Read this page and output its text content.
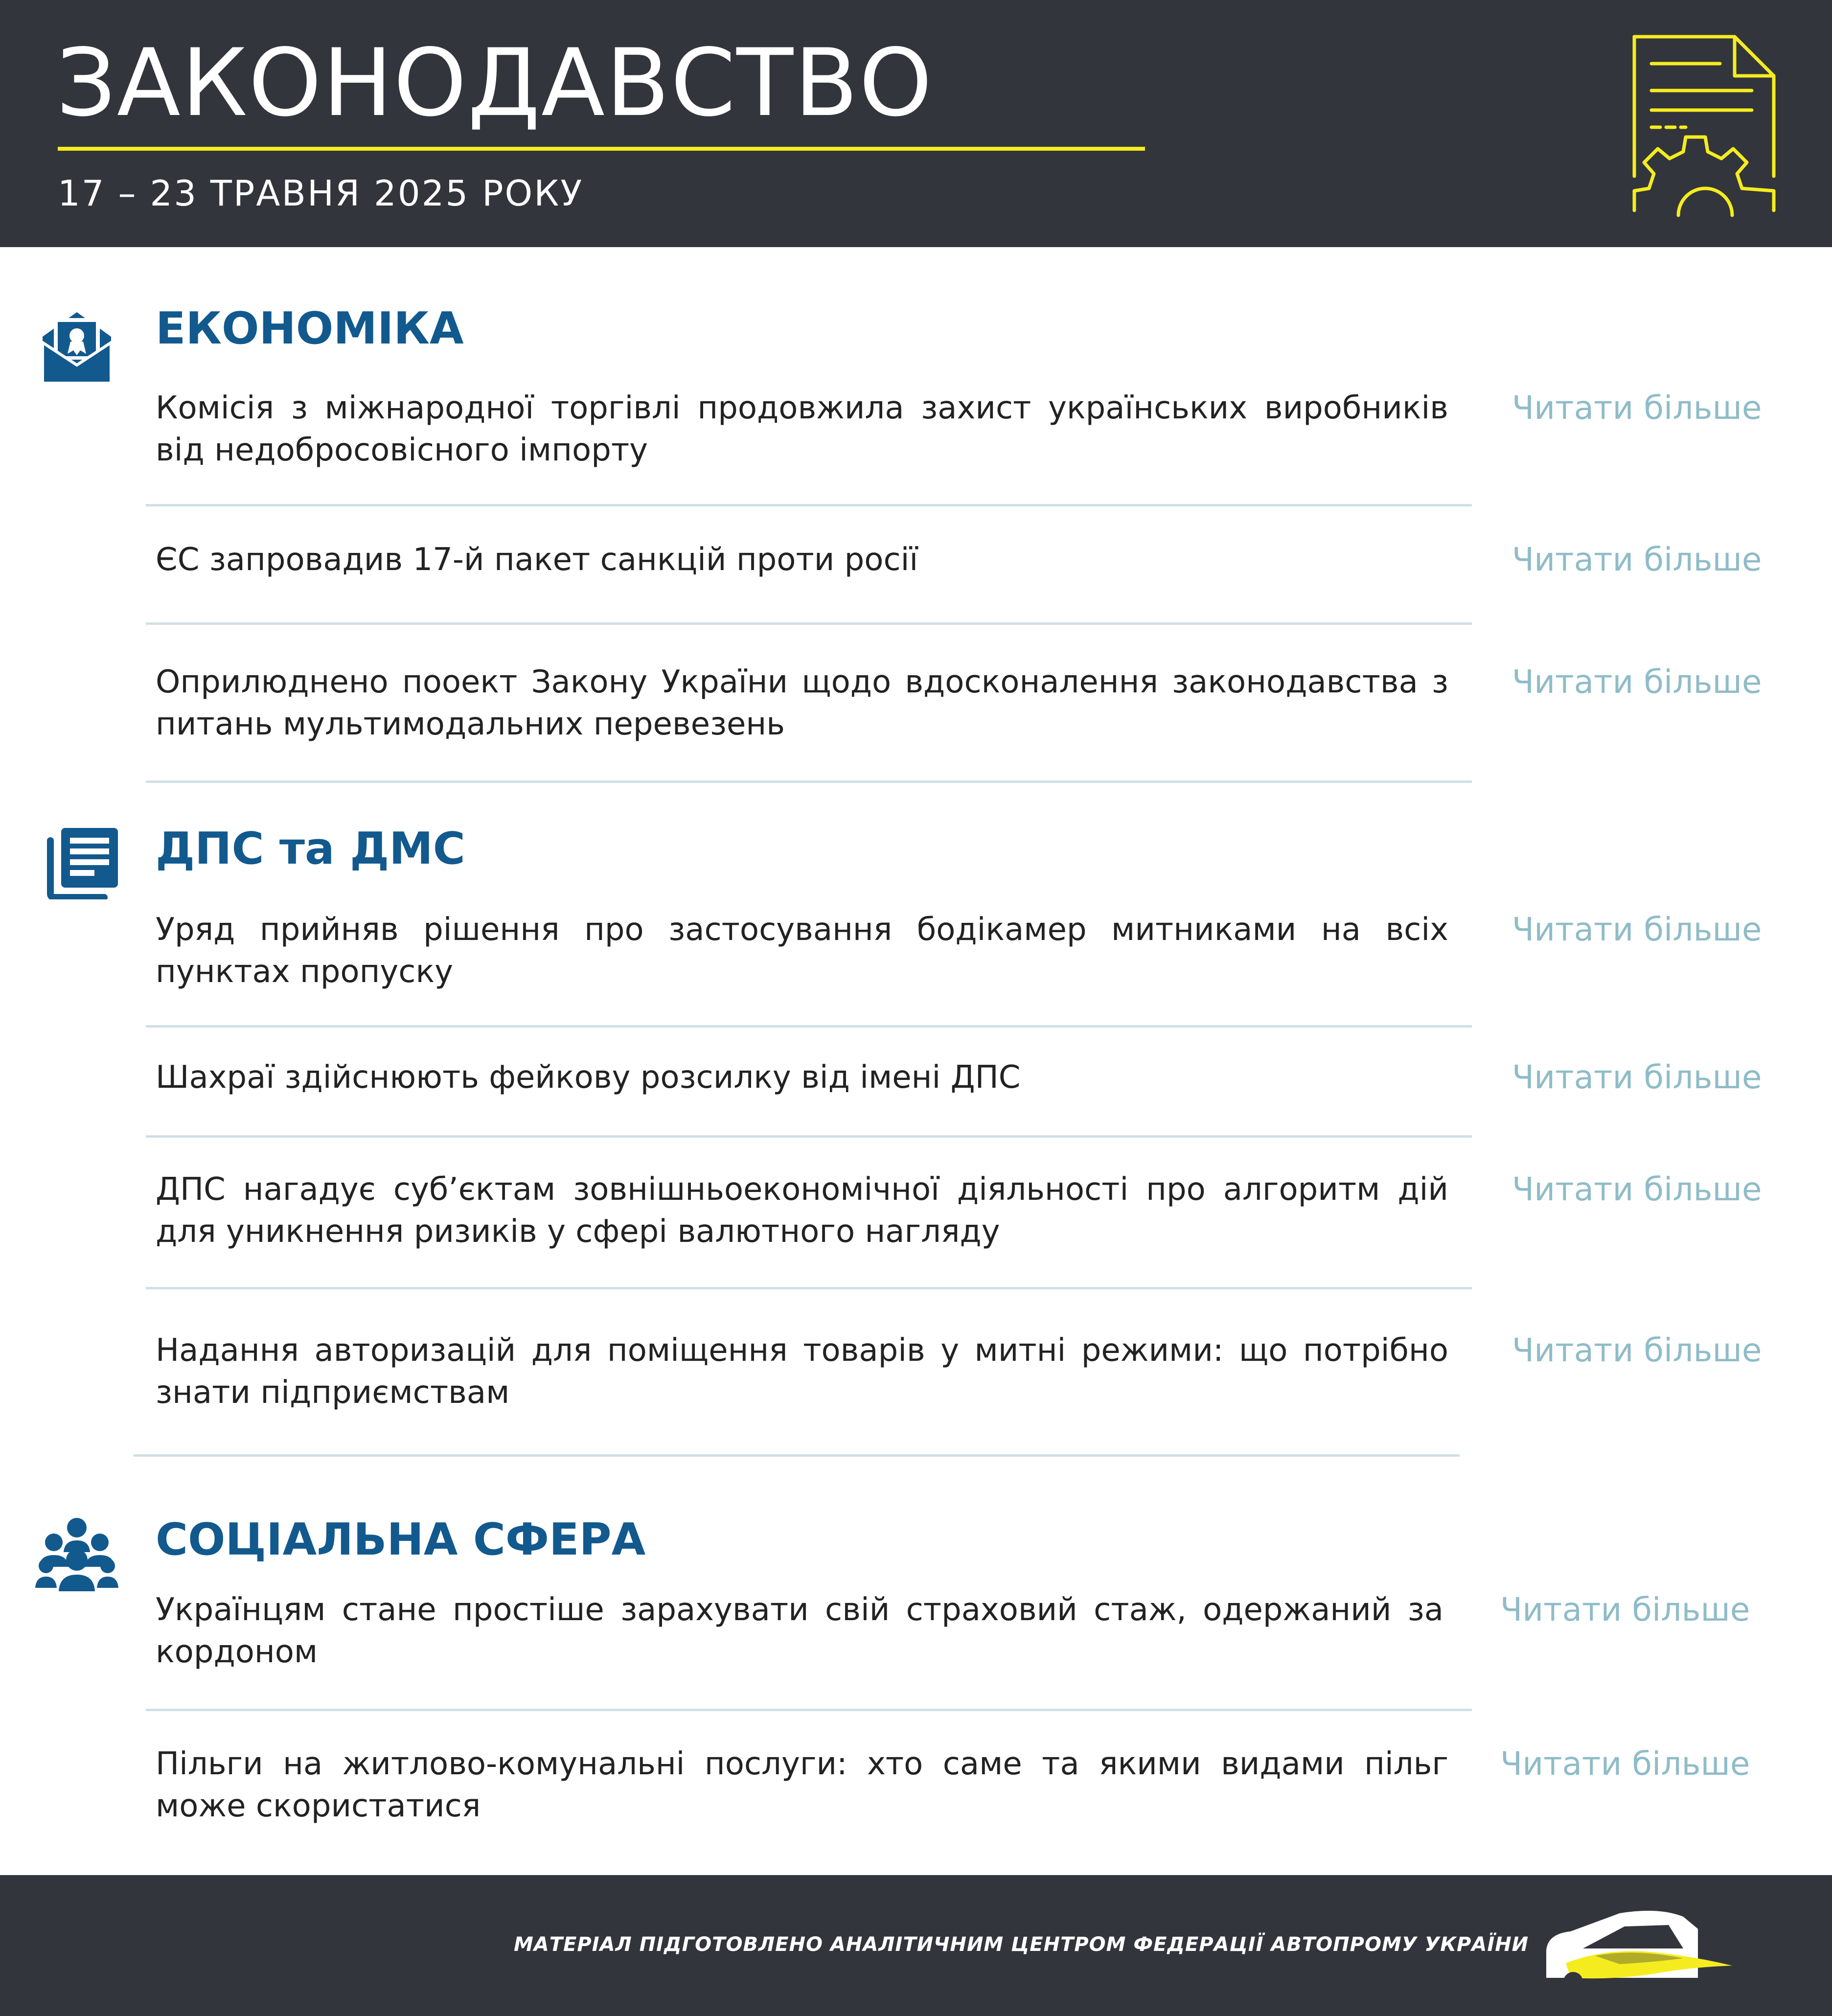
ЗАКОНОДАВСТВО
17 – 23 ТРАВНЯ 2025 РОКУ
ЕКОНОМІКА
Комісія з міжнародної торгівлі продовжила захист українських виробників від недобросовісного імпорту
Читати більше
ЄС запровадив 17-й пакет санкцій проти росії	Читати більше
Оприлюднено пооект Закону України щодо вдосконалення законодавства з питань мультимодальних перевезень
Читати більше
ДПС та ДМС
Уряд прийняв рішення про застосування бодікамер митниками на всіх пунктах пропуску
Читати більше
Шахраї здійснюють фейкову розсилку від імені ДПС	Читати більше
ДПС нагадує суб’єктам зовнішньоекономічної діяльності про алгоритм дій для уникнення ризиків у сфері валютного нагляду
Читати більше
Надання авторизацій для поміщення товарів у митні режими: що потрібно знати підприємствам
Читати більше
СОЦІАЛЬНА СФЕРА
Українцям стане простіше зарахувати свій страховий стаж, одержаний за кордоном
Читати більше
Пільги на житлово-комунальні послуги: хто саме та якими видами пільг може скористатися
Читати більше
МАТЕРІАЛ ПІДГОТОВЛЕНО АНАЛІТИЧНИМ ЦЕНТРОМ ФЕДЕРАЦІЇ АВТОПРОМУ УКРАЇНИ
